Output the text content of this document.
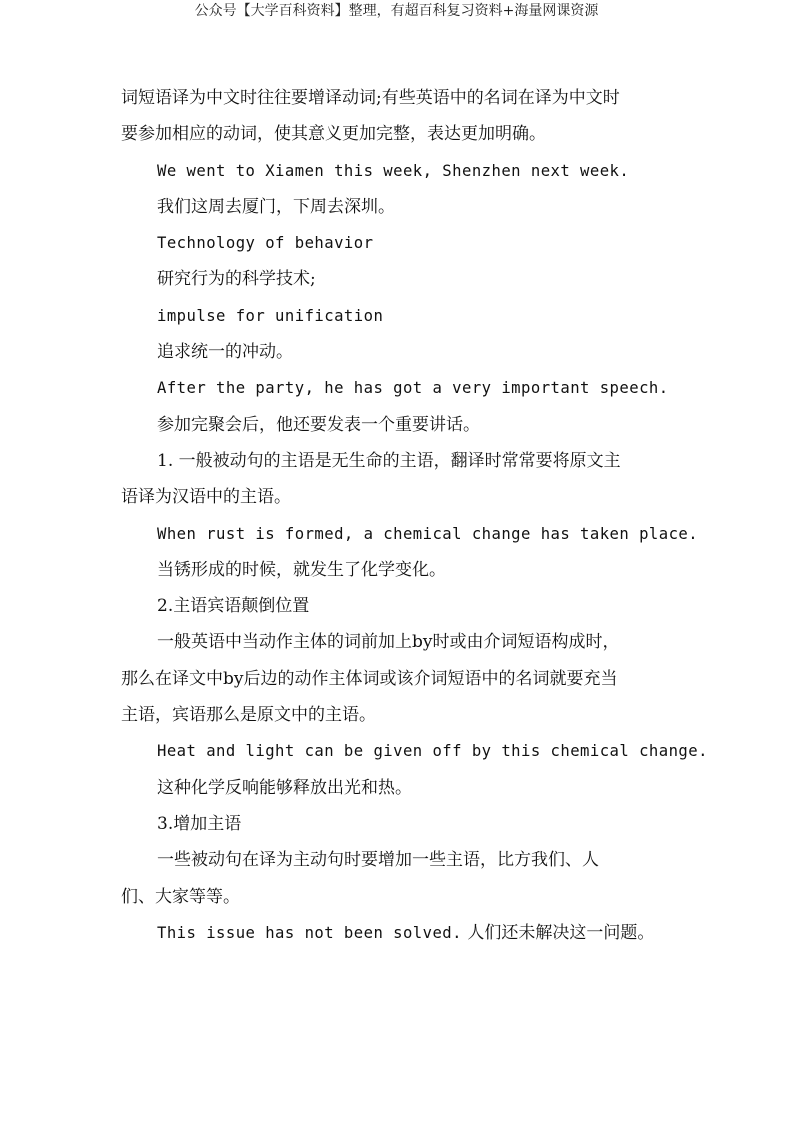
公众号【大学百科资料】整理，有超百科复习资料+海量网课资源

词短语译为中文时往往要增译动词;有些英语中的名词在译为中文时

要参加相应的动词，使其意义更加完整，表达更加明确。

We went to Xiamen this week, Shenzhen next week.

我们这周去厦门，下周去深圳。

Technology of behavior

研究行为的科学技术;

impulse for unification

追求统一的冲动。

After the party, he has got a very important speech.

参加完聚会后，他还要发表一个重要讲话。

1. 一般被动句的主语是无生命的主语，翻译时常常要将原文主

语译为汉语中的主语。

When rust is formed, a chemical change has taken place.

当锈形成的时候，就发生了化学变化。

2.主语宾语颠倒位置

一般英语中当动作主体的词前加上by时或由介词短语构成时，

那么在译文中by后边的动作主体词或该介词短语中的名词就要充当

主语，宾语那么是原文中的主语。

Heat and light can be given off by this chemical change.

这种化学反响能够释放出光和热。

3.增加主语

一些被动句在译为主动句时要增加一些主语，比方我们、人

们、大家等等。

This issue has not been solved. 人们还未解决这一问题。
